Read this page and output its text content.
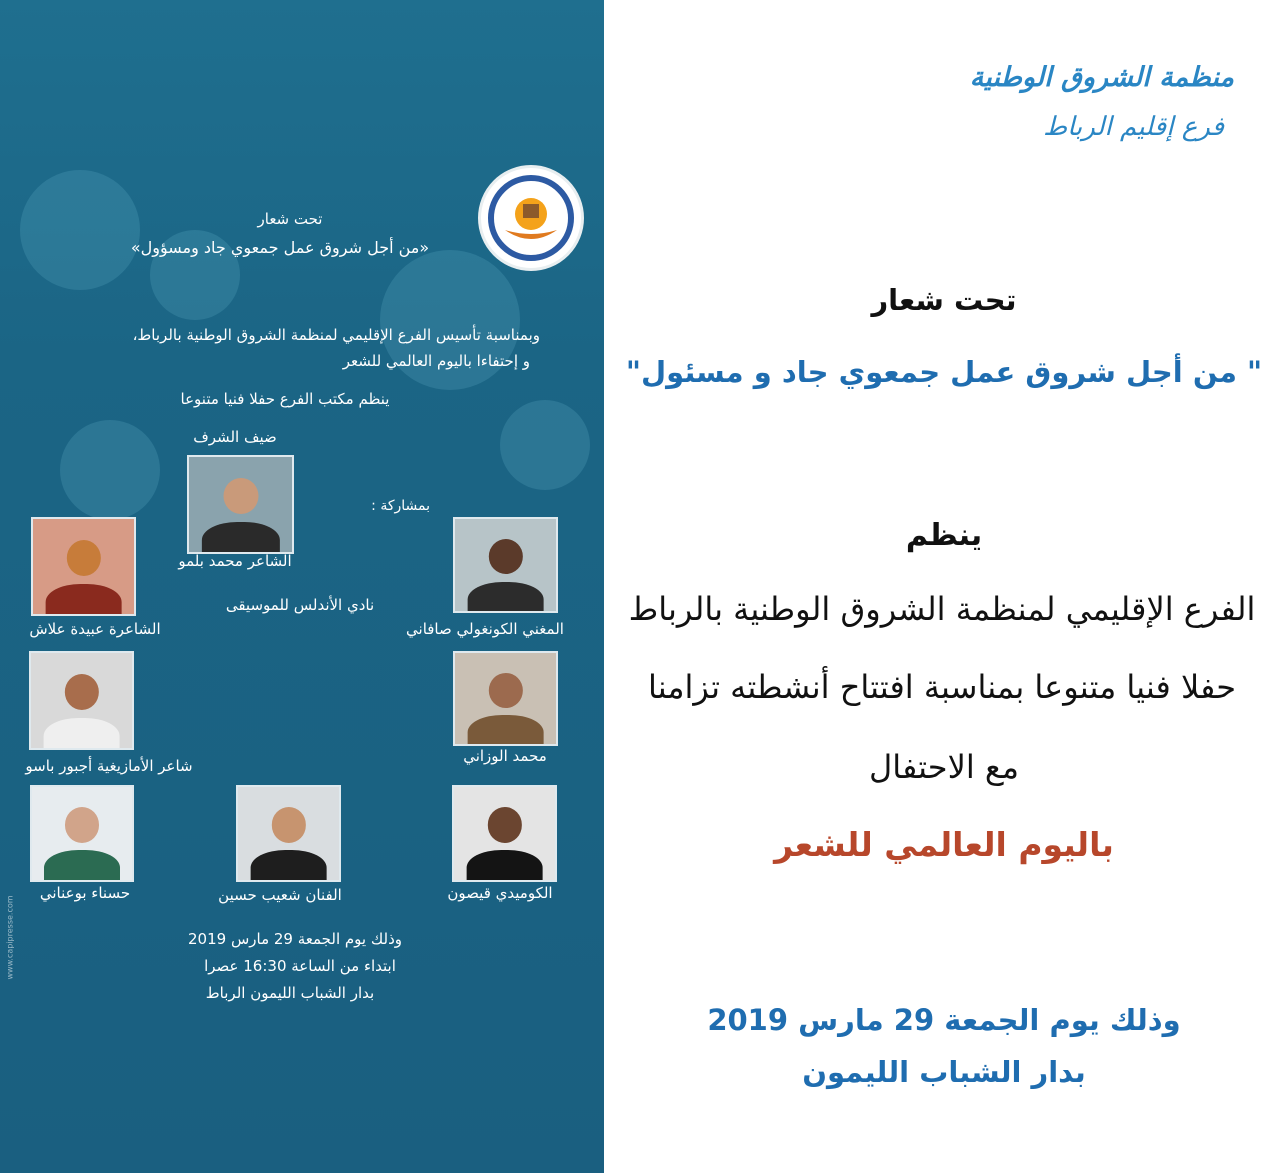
تحت شعار
«من أجل شروق عمل جمعوي جاد ومسؤول»
وبمناسبة تأسيس الفرع الإقليمي لمنظمة الشروق الوطنية بالرباط،
و إحتفاءا باليوم العالمي للشعر
ينظم مكتب الفرع حفلا فنيا متنوعا
ضيف الشرف
الشاعر محمد بلمو
بمشاركة :
الشاعرة عبيدة علاش	المغني الكونغولي صافاني
نادي الأندلس للموسيقى
شاعر الأمازيغية أجبور باسو
محمد الوزاني
حسناء بوعناني	الفنان شعيب حسين	الكوميدي قيصون
وذلك يوم الجمعة 29 مارس 2019
ابتداء من الساعة 16:30 عصرا
بدار الشباب الليمون الرباط
www.capipresse.com
منظمة الشروق الوطنية
فرع إقليم الرباط
تحت شعار
" من أجل شروق عمل جمعوي جاد و مسئول"
ينظم
الفرع الإقليمي لمنظمة الشروق الوطنية بالرباط
حفلا فنيا متنوعا بمناسبة افتتاح أنشطته تزامنا
مع الاحتفال
باليوم العالمي للشعر
وذلك يوم الجمعة 29 مارس 2019
بدار الشباب الليمون
